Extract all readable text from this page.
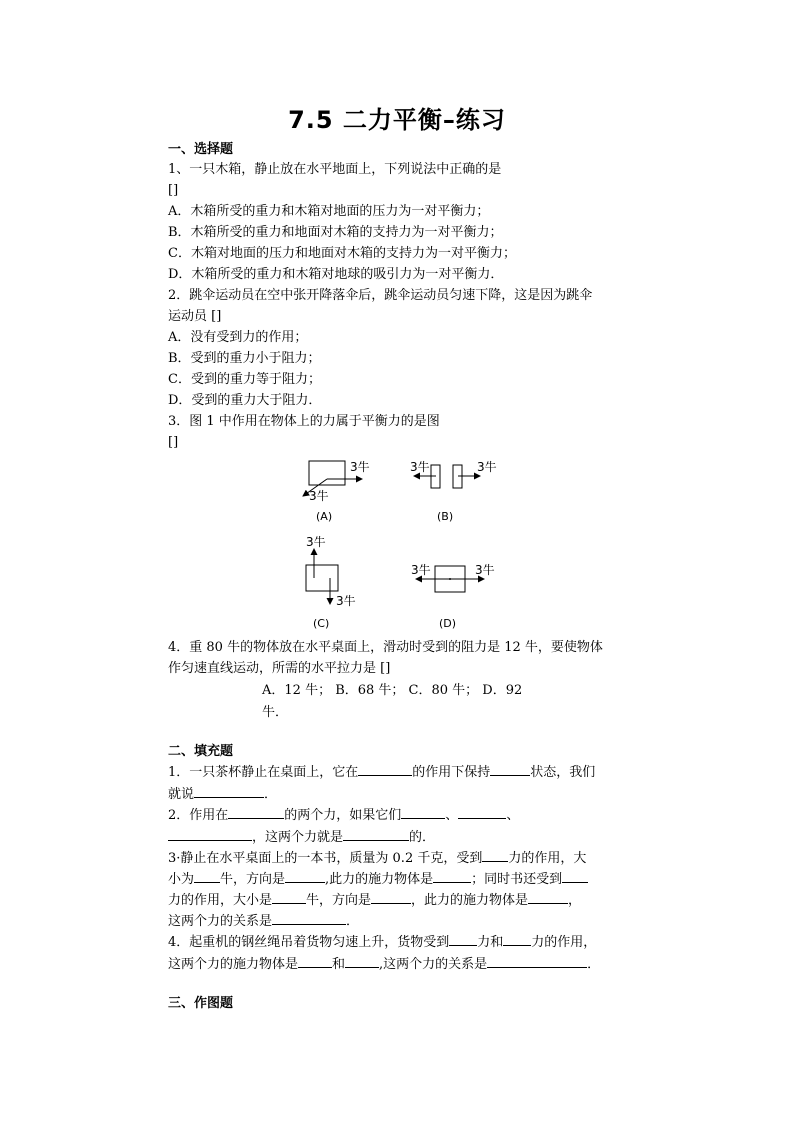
7.5 二力平衡–练习
一、选择题
1、一只木箱，静止放在水平地面上，下列说法中正确的是
[]
A．木箱所受的重力和木箱对地面的压力为一对平衡力；
B．木箱所受的重力和地面对木箱的支持力为一对平衡力；
C．木箱对地面的压力和地面对木箱的支持力为一对平衡力；
D．木箱所受的重力和木箱对地球的吸引力为一对平衡力．
2．跳伞运动员在空中张开降落伞后，跳伞运动员匀速下降，这是因为跳伞
运动员 []
A．没有受到力的作用；
B．受到的重力小于阻力；
C．受到的重力等于阻力；
D．受到的重力大于阻力．
3．图 1 中作用在物体上的力属于平衡力的是图
[]
3牛
3牛
(A)
3牛	3牛
(B)
3牛
3牛
(C)
3牛	3牛
(D)
4．重 80 牛的物体放在水平桌面上，滑动时受到的阻力是 12 牛，要使物体
作匀速直线运动，所需的水平拉力是 []
A．12 牛； B．68 牛； C．80 牛； D．92
牛．
二、填充题
1．一只茶杯静止在桌面上，它在	的作用下保持	状态，我们
就说	．
2．作用在	的两个力，如果它们	、	、
，这两个力就是	的．
3·静止在水平桌面上的一本书，质量为 0.2 千克，受到 力的作用，大
小为 牛，方向是	,此力的施力物体是	；同时书还受到
力的作用，大小是	牛，方向是	，此力的施力物体是	，
这两个力的关系是	．
4．起重机的钢丝绳吊着货物匀速上升，货物受到 力和 力的作用，
这两个力的施力物体是	和	,这两个力的关系是	．
三、作图题
